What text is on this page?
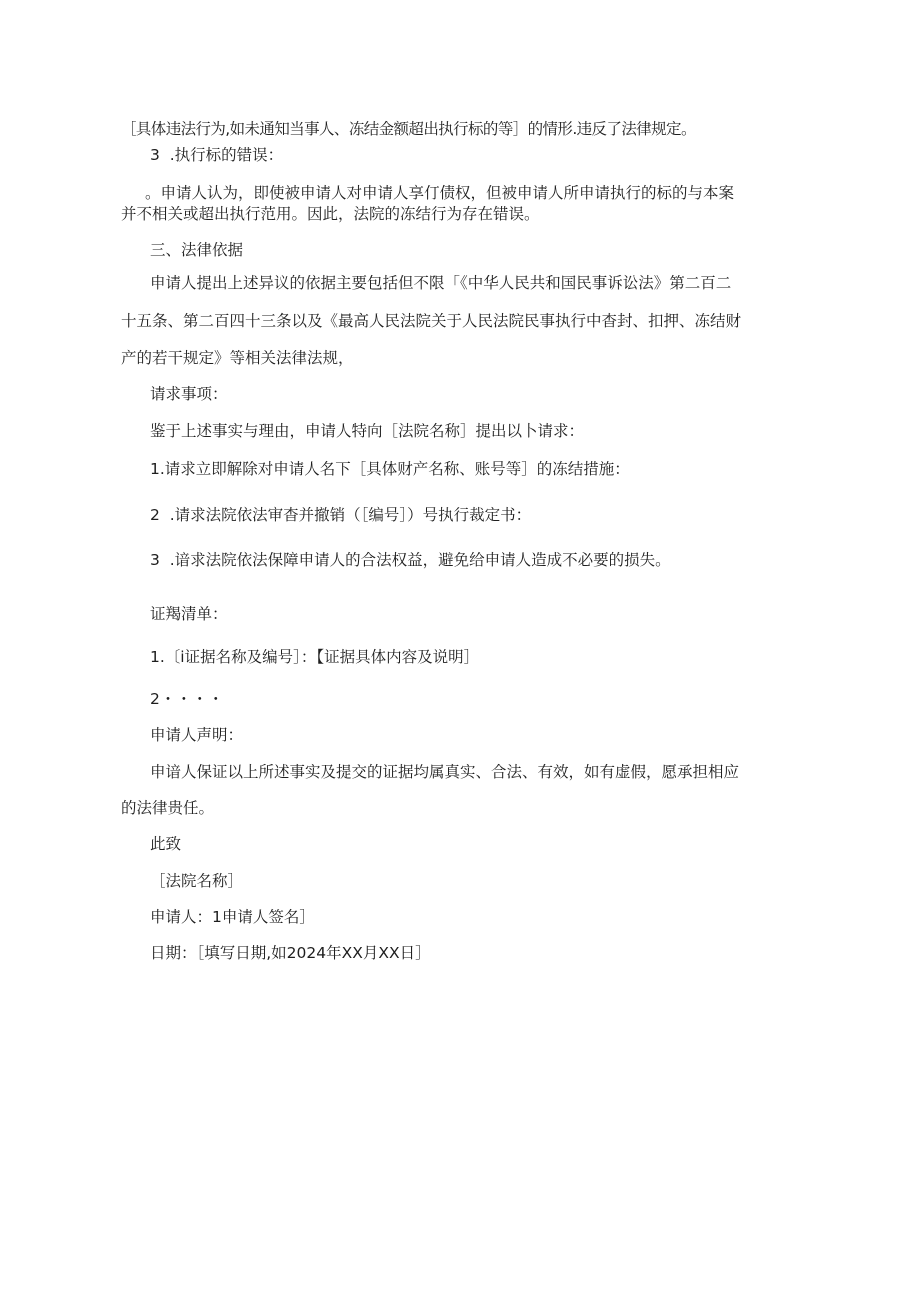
［具体违法行为,如未通知当事人、冻结金额超出执行标的等］的情形.违反了法律规定。
3  .执行标的错误：
。申请人认为，即使被申请人对申请人享仃债权，但被申请人所申请执行的标的与本案
并不相关或超出执行范用。因此，法院的冻结行为存在错误。
三、法律依据
申请人提出上述异议的依据主要包括但不限「《中华人民共和国民事诉讼法》第二百二
十五条、第二百四十三条以及《最高人民法院关于人民法院民事执行中杳封、扣押、冻结财
产的若干规定》等相关法律法规，
请求事项：
鉴于上述事实与理由，申请人特向［法院名称］提出以卜请求：
1.请求立即解除对申请人名下［具体财产名称、账号等］的冻结措施：
2  .请求法院依法审杳并撤销（［编号］）号执行裁定书：
3  .谙求法院依法保障申请人的合法权益，避免给申请人造成不必要的损失。
证羯清单：
1.〔i证据名称及编号］：【证据具体内容及说明］
2・・・・
申请人声明：
申谙人保证以上所述事实及提交的证据均属真实、合法、有效，如有虚假，愿承担相应
的法律贵任。
此致
［法院名称］
申请人：1申请人签名］
日期：［填写日期,如2024年XX月XX日］
